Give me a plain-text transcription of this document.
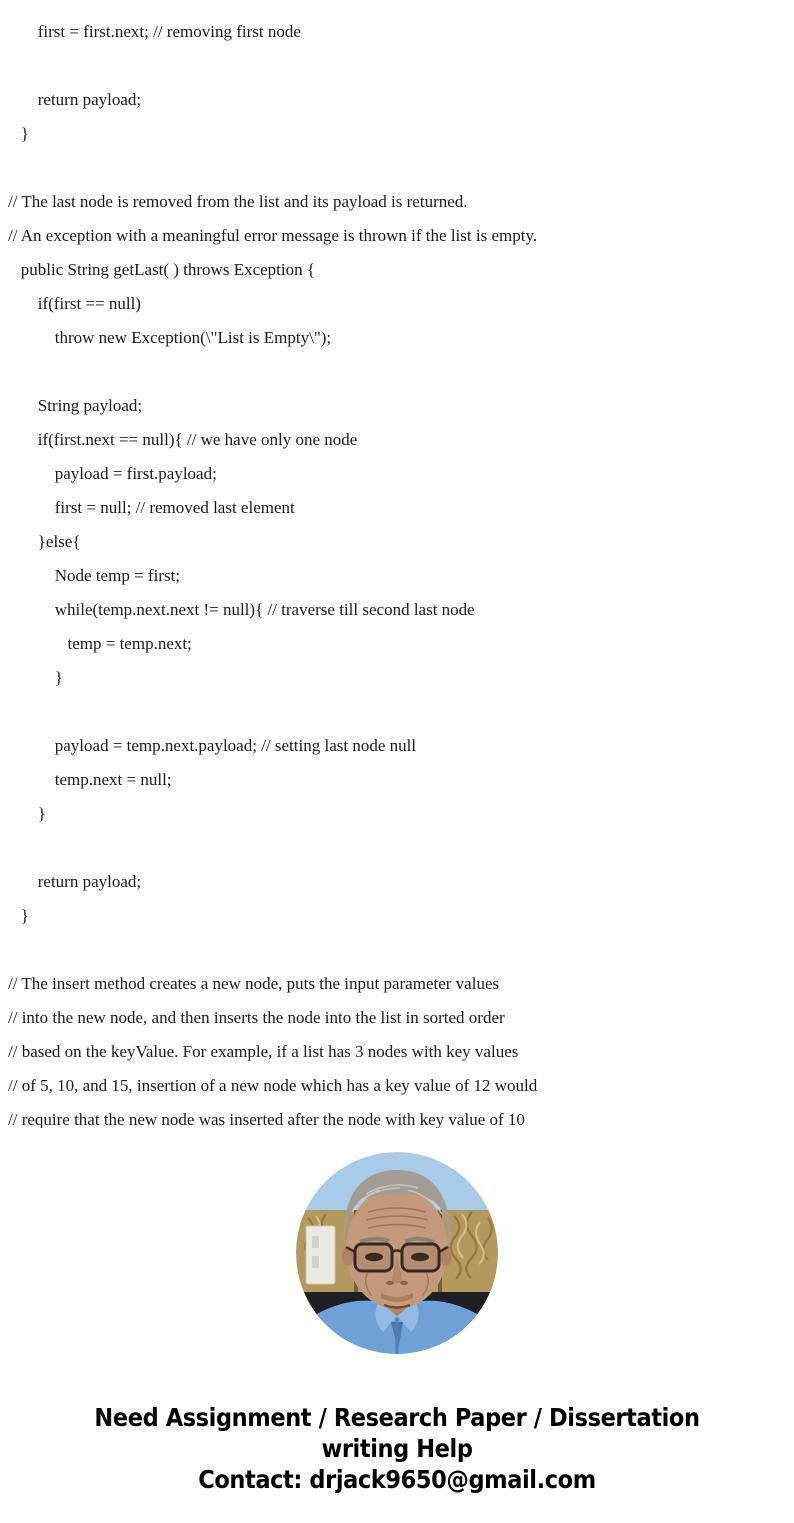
first = first.next; // removing first node
return payload;
}
// The last node is removed from the list and its payload is returned.
// An exception with a meaningful error message is thrown if the list is empty.
public String getLast( ) throws Exception {
if(first == null)
throw new Exception(\"List is Empty\");
String payload;
if(first.next == null){ // we have only one node
payload = first.payload;
first = null; // removed last element
}else{
Node temp = first;
while(temp.next.next != null){ // traverse till second last node
temp = temp.next;
}
payload = temp.next.payload; // setting last node null
temp.next = null;
}
return payload;
}
// The insert method creates a new node, puts the input parameter values
// into the new node, and then inserts the node into the list in sorted order
// based on the keyValue. For example, if a list has 3 nodes with key values
// of 5, 10, and 15, insertion of a new node which has a key value of 12 would
// require that the new node was inserted after the node with key value of 10
Need Assignment / Research Paper / Dissertation
writing Help
Contact: drjack9650@gmail.com
